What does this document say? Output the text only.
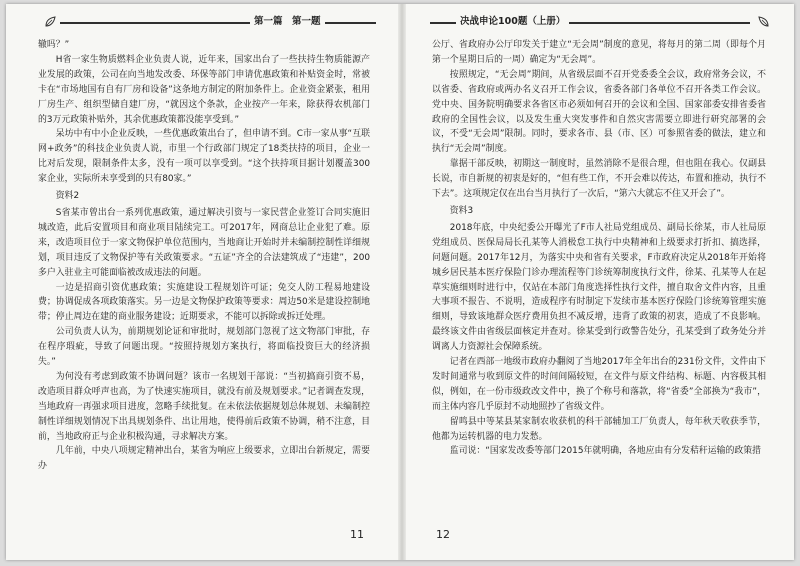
第一篇　第一题

辙吗？”

H省一家生物质燃料企业负责人说，近年来，国家出台了一些扶持生物质能源产业发展的政策，公司在向当地发改委、环保等部门申请优惠政策和补贴资金时，常被卡在“市场地国有自有厂房和设备”这条地方制定的附加条件上。企业资金紧张，租用厂房生产、组织型储自建厂房，“就因这个条款，企业按产一年来，除获得农机部门的3万元政策补贴外，其余优惠政策都没能享受到。”

呆坊中有中小企业反映，一些优惠政策出台了，但申请不到。C市一家从事“互联网+政务”的科技企业负责人说，市里一个行政部门规定了18类扶持的项目，企业一比对后发现，限制条件太多，没有一项可以享受到。“这个扶持项目据计划覆盖300家企业，实际所未享受到的只有80家。”

资料2

S省某市曾出台一系列优惠政策，通过解决引资与一家民营企业签订合同实施旧城改造，此后安置项目和商业项目陆续完工。可2017年，网商总让企业犯了难。原来，改造项目位于一家文物保护单位范围内，当地商让开始时并未编制控制性详细规划，项目违反了文物保护等有关政策要求。“五证”齐全的合法建筑成了“违建”，200多户入驻业主可能面临被改成违法的问题。

一边是招商引资优惠政策；实施建设工程规划许可证；免交人防工程易地建设费；协调促成各项政策落实。另一边是文物保护政策等要求：周边50米是建设控制地带；停止周边在建的商业服务建设；近期要求，不能可以拆除或拆迁处理。

公司负责人认为，前期规划论证和审批时，规划部门忽视了这文物部门审批，存在程序瑕疵，导致了问题出现。“按照持规划方案执行，将面临投资巨大的经济损失。”

为何没有考虑到政策不协调问题？该市一名规划干部说：“当初搞商引资不易，改造项目群众呼声也高，为了快速实施项目，就没有前及规划要求。”记者调查发现，当地政府一再强求项目进度，忽略手续批复。在未依法依据规划总体规划、未编制控制性详细规划情况下出具规划条件、出让用地，使得前后政策不协调，稍不注意，目前，当地政府正与企业积极沟通，寻求解决方案。

几年前，中央八项规定精神出台，某省为响应上级要求，立即出台新规定，需要办

11
决战申论100题（上册）

公厅、省政府办公厅印发关于建立“无会周”制度的意见，将每月的第二周（即每个月第一个星期日后的一周）确定为“无会周”。

按照规定，“无会周”期间，从省级层面不召开党委委全会议，政府常务会议，不以省委、省政府或两办名义召开工作会议，省委各部门各单位不召开各类工作会议。党中央、国务院明确要求各省区市必须如何召开的会议和全国、国家部委安排省委省政府的全国性会议，以及发生重大突发事件和自然灾害需要立即进行研究部署的会议，不受“无会周”限制。同时，要求各市、县（市、区）可参照省委的做法，建立和执行“无会周”制度。

靠据干部反映，初期这一制度时，虽然消除不是很合理，但也阻在我心。仅副县长说，市自新规的初衷是好的，“但有些工作，不开会难以传达，布置和推动，执行不下去”。这项规定仅在出台当月执行了一次后，“第六大就忘不住又开会了”。

资料3

2018年底，中央纪委公开曝光了F市人社局党组成员、副局长徐某，市人社局原党组成员、医保局局长孔某等人消极怠工执行中央精神和上级要求打折扣、搞选择，问题问题。2017年12月，为落实中央和省有关要求，F市政府决定从2018年开始将城乡居民基本医疗保险门诊办理流程等门诊统筹制度执行文件，徐某、孔某等人在起草实施细则时进行中，仅站在本部门角度选择性执行文件，擅自取舍文件内容，且重大事项不报告、不说明，造成程序有时制定下发续市基本医疗保险门诊统筹管理实施细则，导致该地群众医疗费用负担不减反增，违背了政策的初衷，造成了不良影响。最终该文件由省级层面核定并查对。徐某受到行政警告处分，孔某受到了政务处分并调离人力资源社会保障系统。

记者在西部一地级市政府办翻阅了当地2017年全年出台的231份文件，文件由下发时间通常与收到原文件的时间间隔较短，在文件与原文件结构、标题、内容极其相似，例如，在一份市级政改文件中，换了个称号和落款，将“省委”全部换为“我市”，而主体内容几乎原封不动地照抄了省级文件。

留鸣县中等某县某家制农收获机的科干部辅加工厂负责人，每年秋天收获季节，他都为运转机器的电力发愁。

监司说：“国家发改委等部门2015年就明确，各地应由有分发秸秆运输的政策措

12
